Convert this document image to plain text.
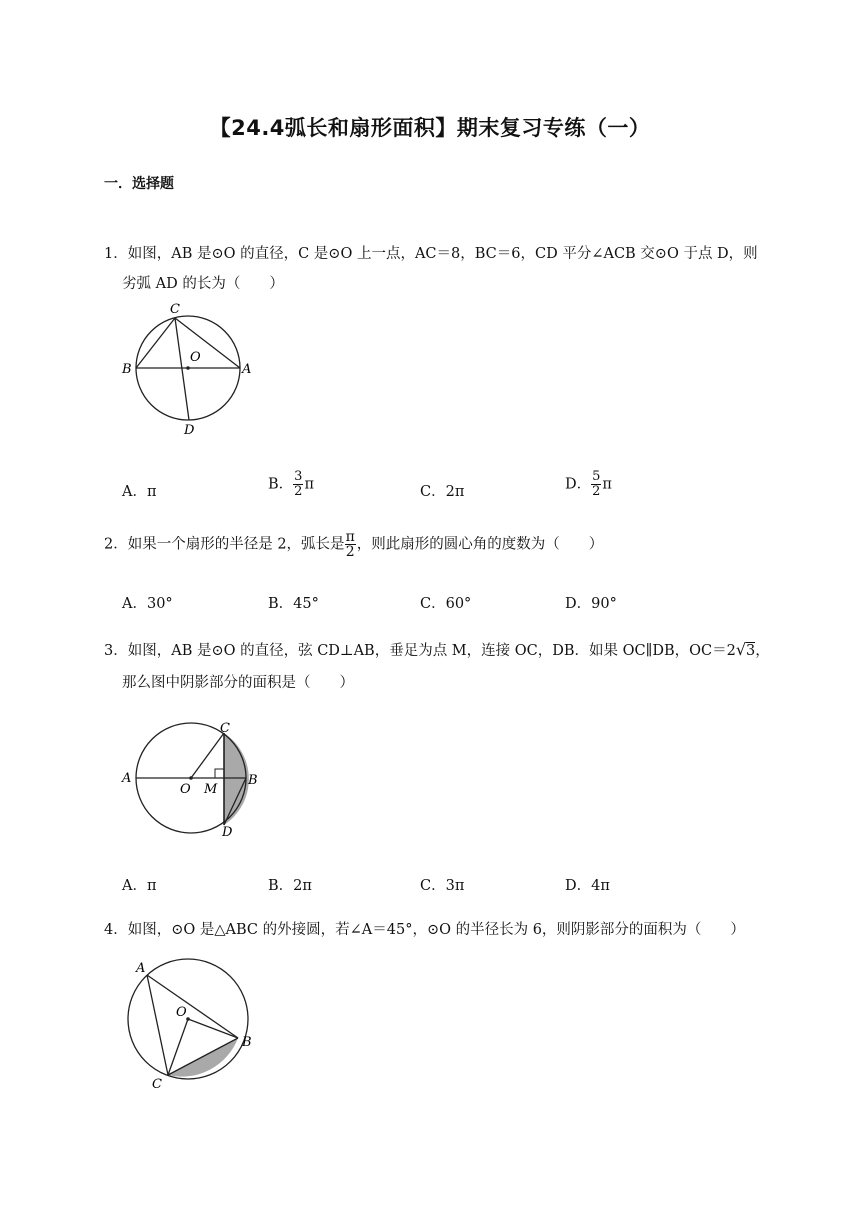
【24.4弧长和扇形面积】期末复习专练（一）
一．选择题
1．如图，AB 是⊙O 的直径，C 是⊙O 上一点，AC＝8，BC＝6，CD 平分∠ACB 交⊙O 于点 D，则
劣弧 AD 的长为（　　）
C
O
B	A
D
A．π	B． $\frac{3}{2}$ π	C．2π	D． $\frac{5}{2}$ π
2．如果一个扇形的半径是 2，弧长是 $\frac{\pi}{2}$ ，则此扇形的圆心角的度数为（　　）
A．30°	B．45°	C．60°	D．90°
3．如图，AB 是⊙O 的直径，弦 CD⊥AB，垂足为点 M，连接 OC，DB．如果 OC∥DB，OC＝2√3，
那么图中阴影部分的面积是（　　）
C
A
O M
B
D
A．π	B．2π	C．3π	D．4π
4．如图，⊙O 是△ABC 的外接圆，若∠A＝45°，⊙O 的半径长为 6，则阴影部分的面积为（　　）
A
O
B
C
